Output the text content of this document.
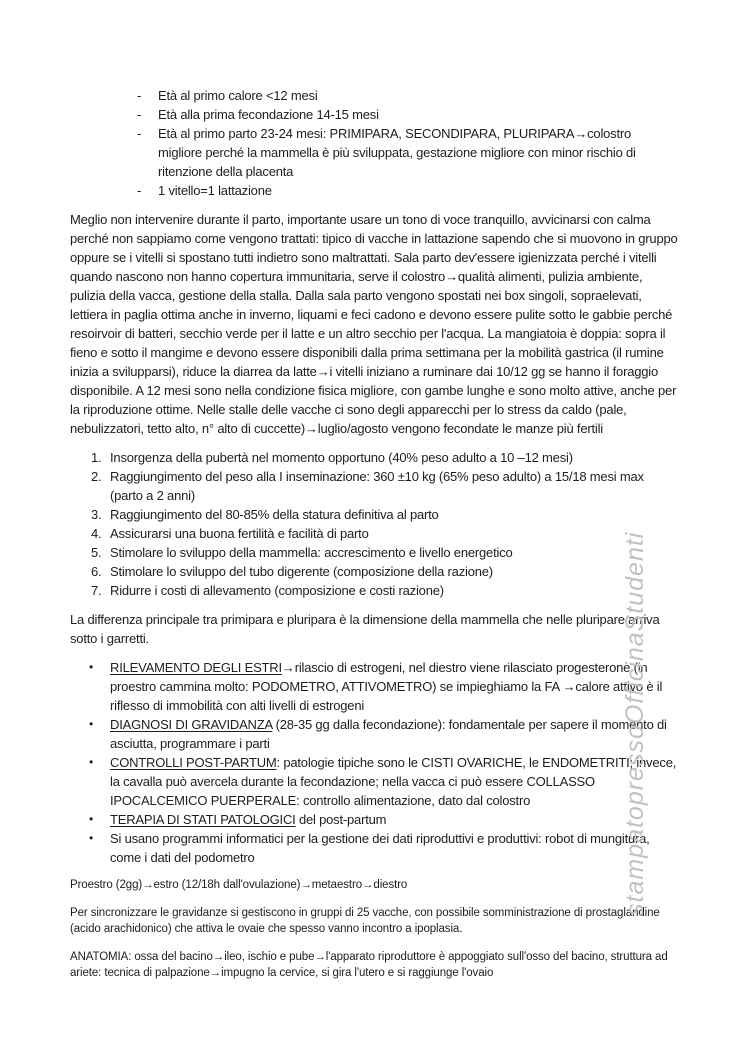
-	Età al primo calore <12 mesi
-	Età alla prima fecondazione 14-15 mesi
-	Età al primo parto 23-24 mesi: PRIMIPARA, SECONDIPARA, PLURIPARA→colostro migliore perché la mammella è più sviluppata, gestazione migliore con minor rischio di ritenzione della placenta
-	1 vitello=1 lattazione

Meglio non intervenire durante il parto, importante usare un tono di voce tranquillo, avvicinarsi con calma perché non sappiamo come vengono trattati: tipico di vacche in lattazione sapendo che si muovono in gruppo oppure se i vitelli si spostano tutti indietro sono maltrattati. Sala parto dev'essere igienizzata perché i vitelli quando nascono non hanno copertura immunitaria, serve il colostro→qualità alimenti, pulizia ambiente, pulizia della vacca, gestione della stalla. Dalla sala parto vengono spostati nei box singoli, sopraelevati, lettiera in paglia ottima anche in inverno, liquami e feci cadono e devono essere pulite sotto le gabbie perché resoirvoir di batteri, secchio verde per il latte e un altro secchio per l'acqua. La mangiatoia è doppia: sopra il fieno e sotto il mangime e devono essere disponibili dalla prima settimana per la mobilità gastrica (il rumine inizia a svilupparsi), riduce la diarrea da latte→i vitelli iniziano a ruminare dai 10/12 gg se hanno il foraggio disponibile. A 12 mesi sono nella condizione fisica migliore, con gambe lunghe e sono molto attive, anche per la riproduzione ottime. Nelle stalle delle vacche ci sono degli apparecchi per lo stress da caldo (pale, nebulizzatori, tetto alto, n° alto di cuccette)→luglio/agosto vengono fecondate le manze più fertili

1. Insorgenza della pubertà nel momento opportuno (40% peso adulto a 10 –12 mesi)
2. Raggiungimento del peso alla I inseminazione: 360 ±10 kg (65% peso adulto) a 15/18 mesi max (parto a 2 anni)
3. Raggiungimento del 80-85% della statura definitiva al parto
4. Assicurarsi una buona fertilità e facilità di parto
5. Stimolare lo sviluppo della mammella: accrescimento e livello energetico
6. Stimolare lo sviluppo del tubo digerente (composizione della razione)
7. Ridurre i costi di allevamento (composizione e costi razione)

La differenza principale tra primipara e pluripara è la dimensione della mammella che nelle pluripare arriva sotto i garretti.

•	RILEVAMENTO DEGLI ESTRI→rilascio di estrogeni, nel diestro viene rilasciato progesterone (in proestro cammina molto: PODOMETRO, ATTIVOMETRO) se impieghiamo la FA →calore attivo è il riflesso di immobilità con alti livelli di estrogeni
•	DIAGNOSI DI GRAVIDANZA (28-35 gg dalla fecondazione): fondamentale per sapere il momento di asciutta, programmare i parti
•	CONTROLLI POST-PARTUM: patologie tipiche sono le CISTI OVARICHE, le ENDOMETRITI; invece, la cavalla può avercela durante la fecondazione; nella vacca ci può essere COLLASSO IPOCALCEMICO PUERPERALE: controllo alimentazione, dato dal colostro
•	TERAPIA DI STATI PATOLOGICI del post-partum
•	Si usano programmi informatici per la gestione dei dati riproduttivi e produttivi: robot di mungitura, come i dati del podometro

Proestro (2gg)→estro (12/18h dall'ovulazione)→metaestro→diestro

Per sincronizzare le gravidanze si gestiscono in gruppi di 25 vacche, con possibile somministrazione di prostaglandine (acido arachidonico) che attiva le ovaie che spesso vanno incontro a ipoplasia.

ANATOMIA: ossa del bacino→ileo, ischio e pube→l'apparato riproduttore è appoggiato sull'osso del bacino, struttura ad ariete: tecnica di palpazione→impugno la cervice, si gira l'utero e si raggiunge l'ovaio

stampatopressoOfficinaStudenti
